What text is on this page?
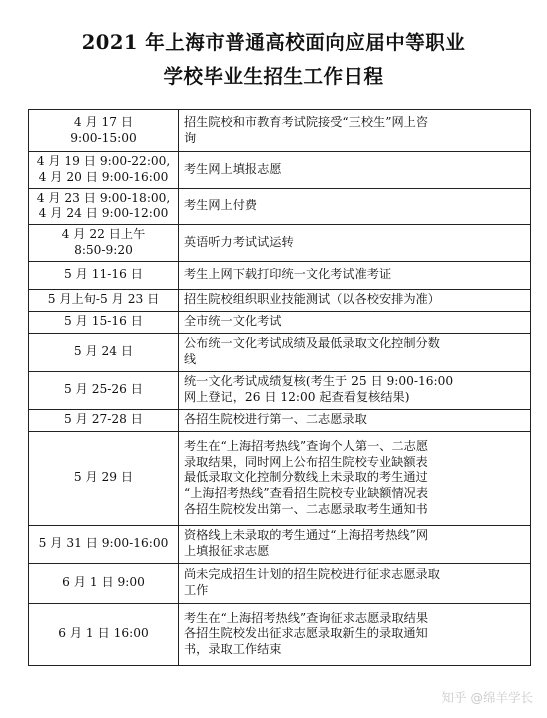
2021 年上海市普通高校面向应届中等职业
学校毕业生招生工作日程
4 月 17 日
9:00-15:00	招生院校和市教育考试院接受“三校生”网上咨
询
4 月 19 日 9:00-22:00,
4 月 20 日 9:00-16:00	考生网上填报志愿
4 月 23 日 9:00-18:00,
4 月 24 日 9:00-12:00	考生网上付费
4 月 22 日上午
8:50-9:20	英语听力考试试运转
5 月 11-16 日	考生上网下载打印统一文化考试准考证
5 月上旬-5 月 23 日	招生院校组织职业技能测试（以各校安排为准）
5 月 15-16 日	全市统一文化考试
5 月 24 日	公布统一文化考试成绩及最低录取文化控制分数
线
5 月 25-26 日	统一文化考试成绩复核(考生于 25 日 9:00-16:00
网上登记，26 日 12:00 起查看复核结果)
5 月 27-28 日	各招生院校进行第一、二志愿录取
5 月 29 日	考生在“上海招考热线”查询个人第一、二志愿
录取结果，同时网上公布招生院校专业缺额表
最低录取文化控制分数线上未录取的考生通过
“上海招考热线”查看招生院校专业缺额情况表
各招生院校发出第一、二志愿录取考生通知书
5 月 31 日 9:00-16:00	资格线上未录取的考生通过“上海招考热线”网
上填报征求志愿
6 月 1 日 9:00	尚未完成招生计划的招生院校进行征求志愿录取
工作
6 月 1 日 16:00	考生在“上海招考热线”查询征求志愿录取结果
各招生院校发出征求志愿录取新生的录取通知
书，录取工作结束
知乎 @绵羊学长
